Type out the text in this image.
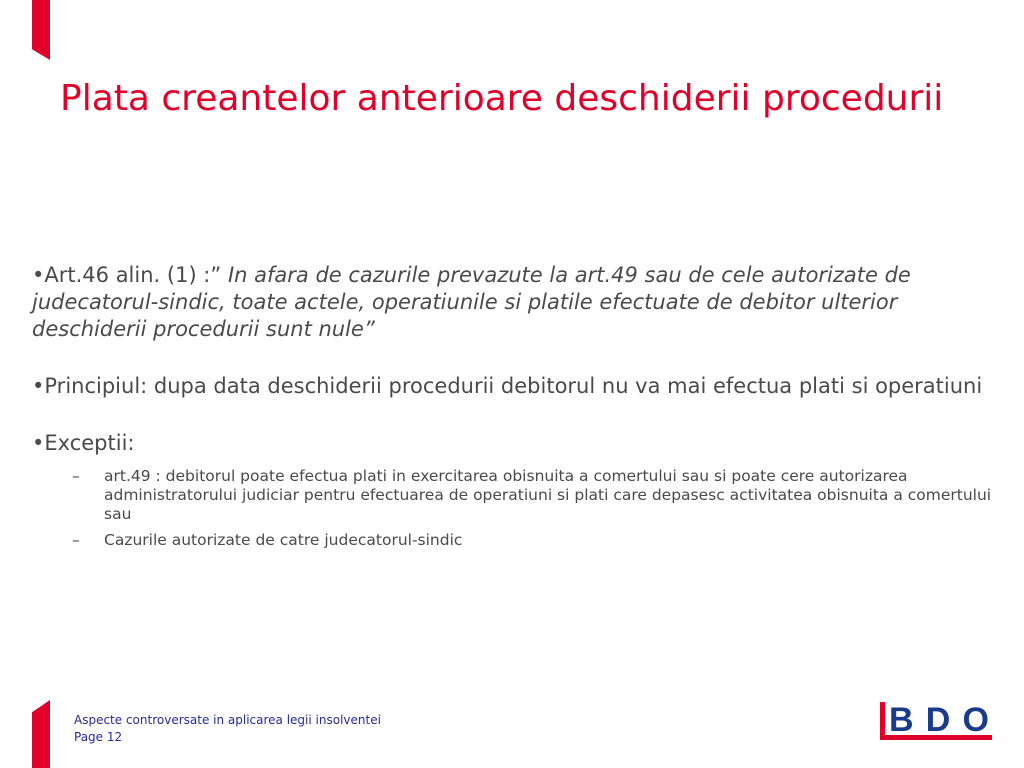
Plata creantelor anterioare deschiderii procedurii

•Art.46 alin. (1) :” In afara de cazurile prevazute la art.49 sau de cele autorizate de judecatorul-sindic, toate actele, operatiunile si platile efectuate de debitor ulterior deschiderii procedurii sunt nule”

•Principiul: dupa data deschiderii procedurii debitorul nu va mai efectua plati si operatiuni

•Exceptii:

– art.49 : debitorul poate efectua plati in exercitarea obisnuita a comertului sau si poate cere autorizarea administratorului judiciar pentru efectuarea de operatiuni si plati care depasesc activitatea obisnuita a comertului sau
– Cazurile autorizate de catre judecatorul-sindic
Aspecte controversate in aplicarea legii insolventei
Page 12	BDO
